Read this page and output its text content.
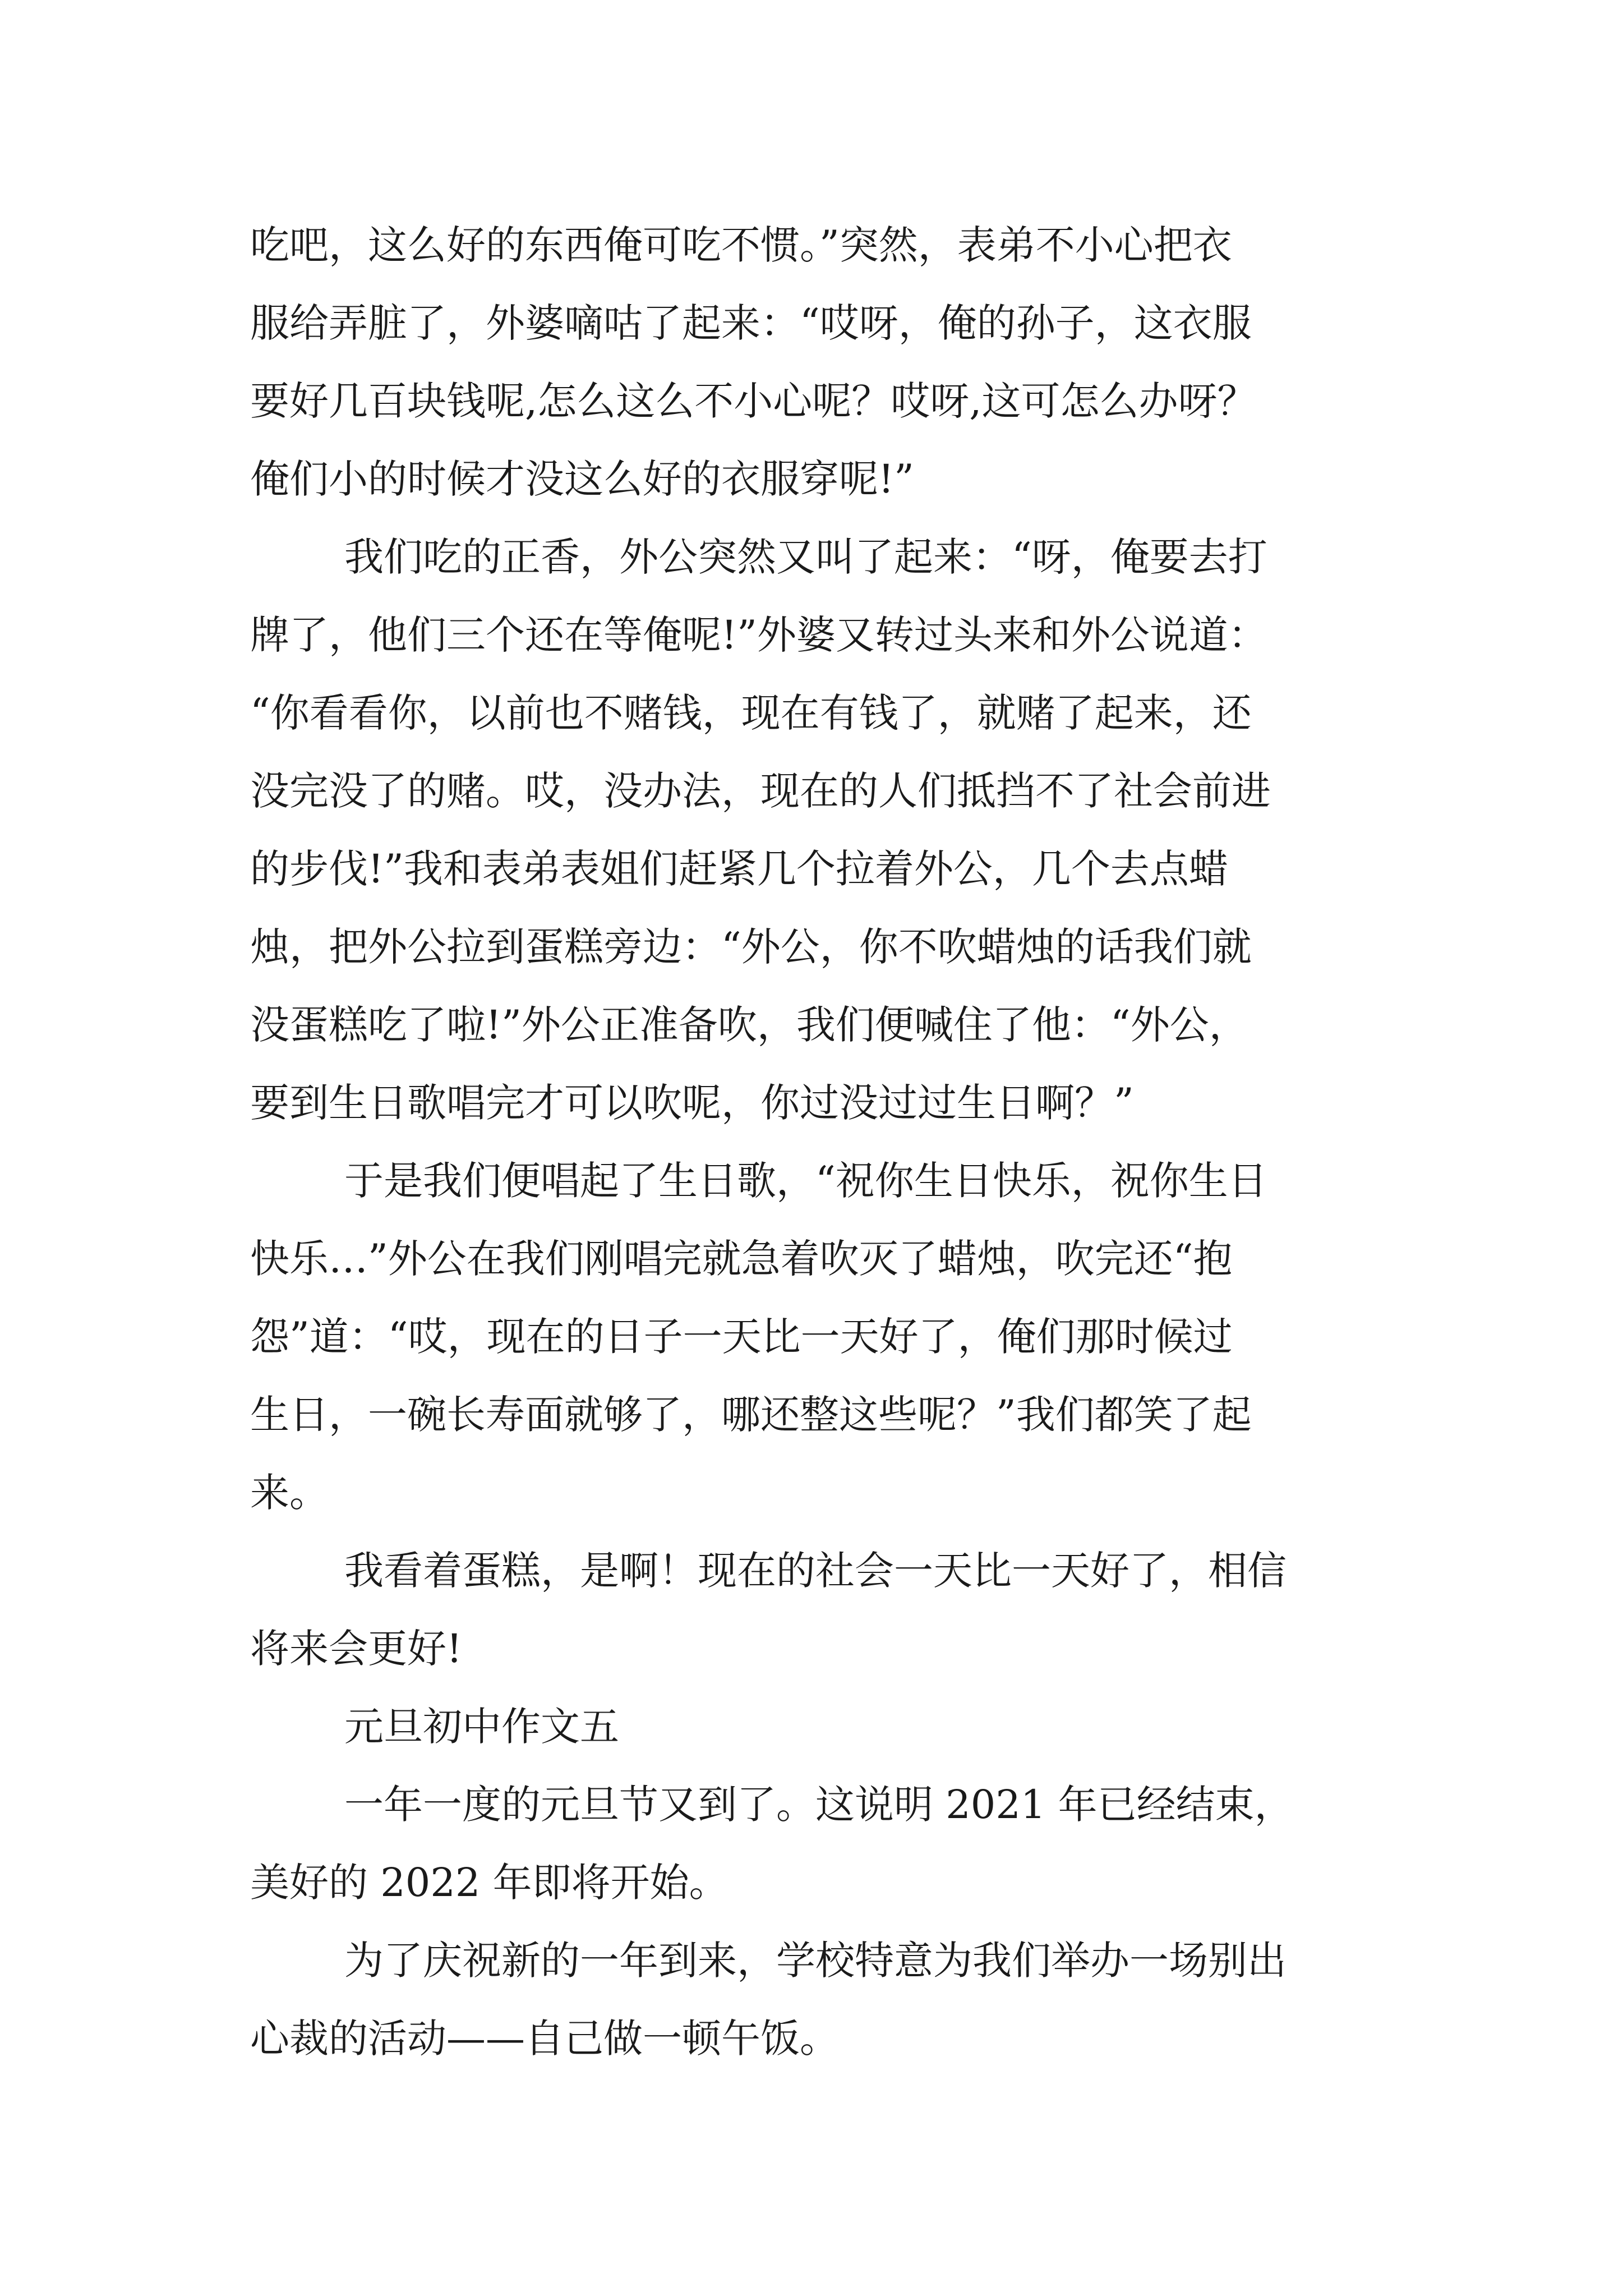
吃吧，这么好的东西俺可吃不惯。”突然，表弟不小心把衣
服给弄脏了，外婆嘀咕了起来：“哎呀，俺的孙子，这衣服
要好几百块钱呢,怎么这么不小心呢？哎呀,这可怎么办呀？
俺们小的时候才没这么好的衣服穿呢!”
我们吃的正香，外公突然又叫了起来：“呀，俺要去打
牌了，他们三个还在等俺呢!”外婆又转过头来和外公说道：
“你看看你，以前也不赌钱，现在有钱了，就赌了起来，还
没完没了的赌。哎，没办法，现在的人们抵挡不了社会前进
的步伐!”我和表弟表姐们赶紧几个拉着外公，几个去点蜡
烛，把外公拉到蛋糕旁边：“外公，你不吹蜡烛的话我们就
没蛋糕吃了啦!”外公正准备吹，我们便喊住了他：“外公，
要到生日歌唱完才可以吹呢，你过没过过生日啊？”
于是我们便唱起了生日歌，“祝你生日快乐，祝你生日
快乐…”外公在我们刚唱完就急着吹灭了蜡烛，吹完还“抱
怨”道：“哎，现在的日子一天比一天好了，俺们那时候过
生日，一碗长寿面就够了，哪还整这些呢？”我们都笑了起
来。
我看着蛋糕，是啊！现在的社会一天比一天好了，相信
将来会更好!
元旦初中作文五
一年一度的元旦节又到了。这说明 2021 年已经结束，
美好的 2022 年即将开始。
为了庆祝新的一年到来，学校特意为我们举办一场别出
心裁的活动——自己做一顿午饭。
